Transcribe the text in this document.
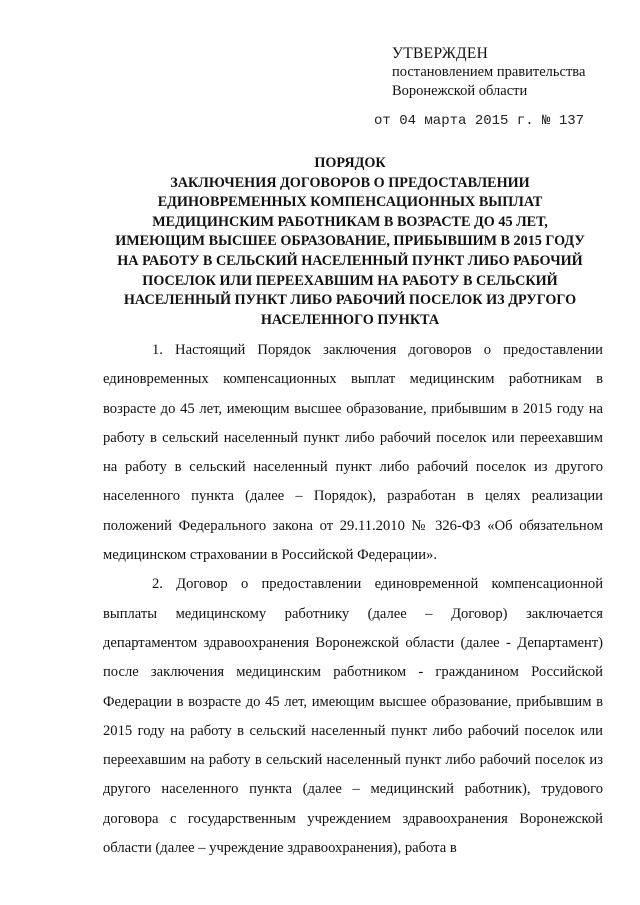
УТВЕРЖДЕН
постановлением правительства
Воронежской области
от 04 марта 2015 г. № 137
ПОРЯДОК
ЗАКЛЮЧЕНИЯ ДОГОВОРОВ О ПРЕДОСТАВЛЕНИИ
ЕДИНОВРЕМЕННЫХ КОМПЕНСАЦИОННЫХ ВЫПЛАТ
МЕДИЦИНСКИМ РАБОТНИКАМ В ВОЗРАСТЕ ДО 45 ЛЕТ,
ИМЕЮЩИМ ВЫСШЕЕ ОБРАЗОВАНИЕ, ПРИБЫВШИМ В 2015 ГОДУ
НА РАБОТУ В СЕЛЬСКИЙ НАСЕЛЕННЫЙ ПУНКТ ЛИБО РАБОЧИЙ
ПОСЕЛОК ИЛИ ПЕРЕЕХАВШИМ НА РАБОТУ В СЕЛЬСКИЙ
НАСЕЛЕННЫЙ ПУНКТ ЛИБО РАБОЧИЙ ПОСЕЛОК ИЗ ДРУГОГО
НАСЕЛЕННОГО ПУНКТА

1. Настоящий Порядок заключения договоров о предоставлении единовременных компенсационных выплат медицинским работникам в возрасте до 45 лет, имеющим высшее образование, прибывшим в 2015 году на работу в сельский населенный пункт либо рабочий поселок или переехавшим на работу в сельский населенный пункт либо рабочий поселок из другого населенного пункта (далее – Порядок), разработан в целях реализации положений Федерального закона от 29.11.2010 № 326-ФЗ «Об обязательном медицинском страховании в Российской Федерации».

2. Договор о предоставлении единовременной компенсационной выплаты медицинскому работнику (далее – Договор) заключается департаментом здравоохранения Воронежской области (далее - Департамент) после заключения медицинским работником - гражданином Российской Федерации в возрасте до 45 лет, имеющим высшее образование, прибывшим в 2015 году на работу в сельский населенный пункт либо рабочий поселок или переехавшим на работу в сельский населенный пункт либо рабочий поселок из другого населенного пункта (далее – медицинский работник), трудового договора с государственным учреждением здравоохранения Воронежской области (далее – учреждение здравоохранения), работа в
